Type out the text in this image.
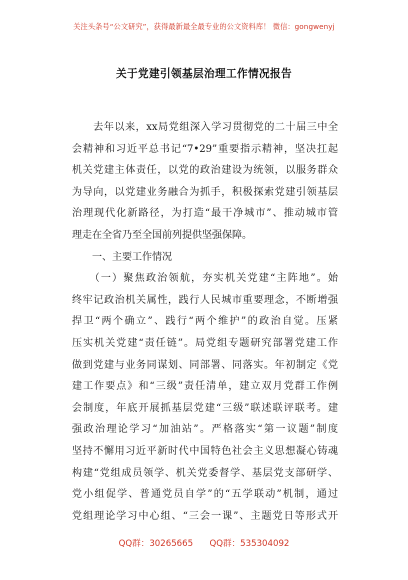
关注头条号“公文研究”，获得最新最全最专业的公文资料库！ 微信：gongwenyj
关于党建引领基层治理工作情况报告
　　去年以来，xx局党组深入学习贯彻党的二十届三中全
会精神和习近平总书记“7•29”重要指示精神，坚决扛起
机关党建主体责任，以党的政治建设为统领，以服务群众
为导向，以党建业务融合为抓手，积极探索党建引领基层
治理现代化新路径，为打造“最干净城市”、推动城市管
理走在全省乃至全国前列提供坚强保障。
　　一、主要工作情况
　　（一）聚焦政治领航，夯实机关党建“主阵地”。始
终牢记政治机关属性，践行人民城市重要理念，不断增强
捍卫“两个确立”、践行“两个维护”的政治自觉。压紧
压实机关党建“责任链”。局党组专题研究部署党建工作
做到党建与业务同谋划、同部署、同落实。年初制定《党
建工作要点》和“三级”责任清单，建立双月党群工作例
会制度，年底开展抓基层党建“三级”联述联评联考。建
强政治理论学习“加油站”。严格落实“第一议题”制度
坚持不懈用习近平新时代中国特色社会主义思想凝心铸魂
构建“党组成员领学、机关党委督学、基层党支部研学、
党小组促学、普通党员自学”的“五学联动”机制，通过
党组理论学习中心组、“三会一课”、主题党日等形式开
QQ群：30265665      QQ群：535304092
